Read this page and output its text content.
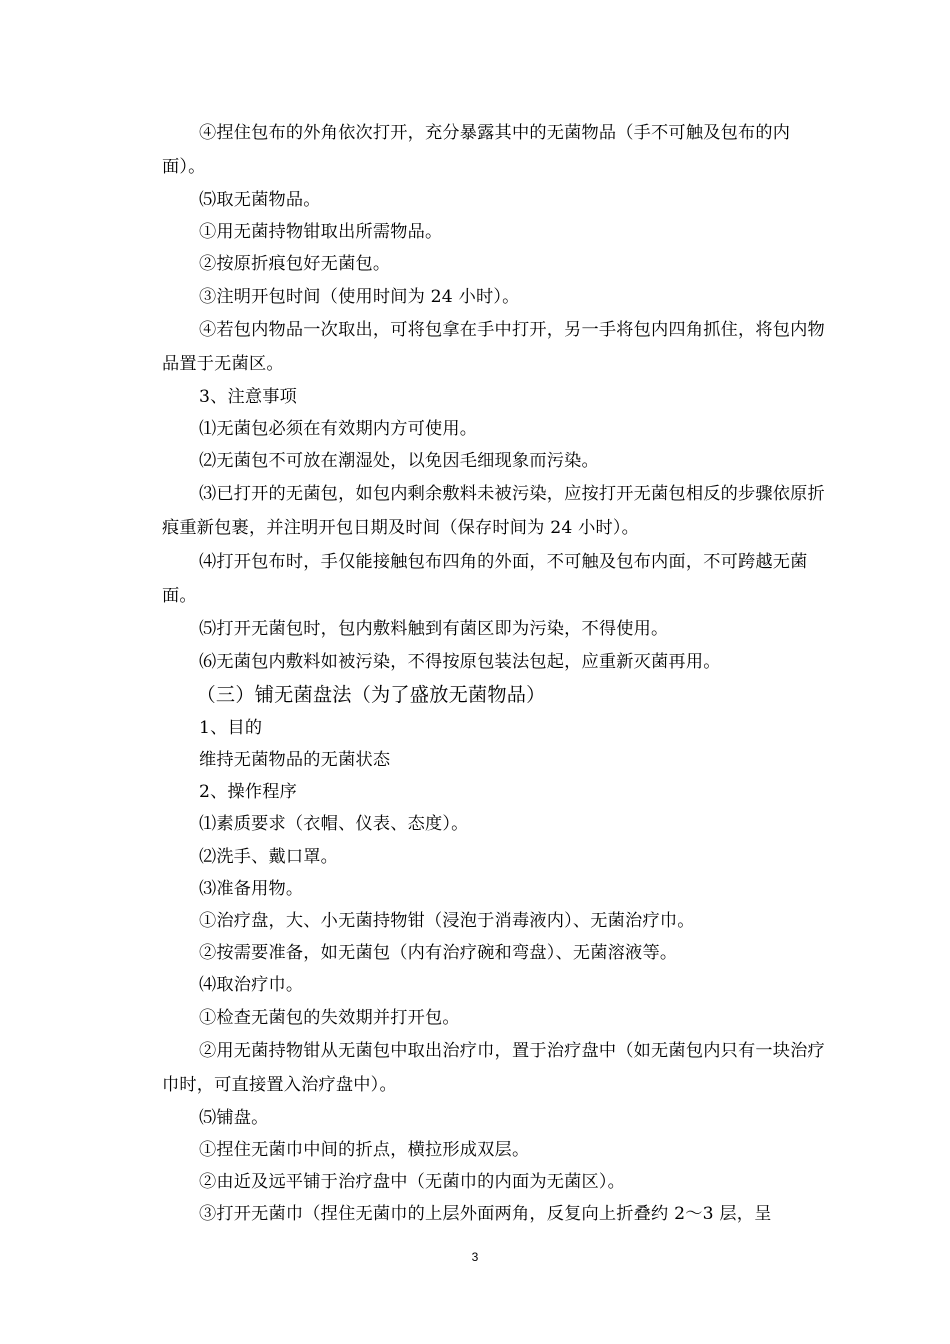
④捏住包布的外角依次打开，充分暴露其中的无菌物品（手不可触及包布的内面）。

⑸取无菌物品。

①用无菌持物钳取出所需物品。

②按原折痕包好无菌包。

③注明开包时间（使用时间为 24 小时）。

④若包内物品一次取出，可将包拿在手中打开，另一手将包内四角抓住，将包内物品置于无菌区。

3、注意事项

⑴无菌包必须在有效期内方可使用。

⑵无菌包不可放在潮湿处，以免因毛细现象而污染。

⑶已打开的无菌包，如包内剩余敷料未被污染，应按打开无菌包相反的步骤依原折痕重新包裹，并注明开包日期及时间（保存时间为 24 小时）。

⑷打开包布时，手仅能接触包布四角的外面，不可触及包布内面，不可跨越无菌面。

⑸打开无菌包时，包内敷料触到有菌区即为污染，不得使用。

⑹无菌包内敷料如被污染，不得按原包装法包起，应重新灭菌再用。

（三）铺无菌盘法（为了盛放无菌物品）

1、目的

维持无菌物品的无菌状态

2、操作程序

⑴素质要求（衣帽、仪表、态度）。

⑵洗手、戴口罩。

⑶准备用物。

①治疗盘，大、小无菌持物钳（浸泡于消毒液内）、无菌治疗巾。

②按需要准备，如无菌包（内有治疗碗和弯盘）、无菌溶液等。

⑷取治疗巾。

①检查无菌包的失效期并打开包。

②用无菌持物钳从无菌包中取出治疗巾，置于治疗盘中（如无菌包内只有一块治疗巾时，可直接置入治疗盘中）。

⑸铺盘。

①捏住无菌巾中间的折点，横拉形成双层。

②由近及远平铺于治疗盘中（无菌巾的内面为无菌区）。

③打开无菌巾（捏住无菌巾的上层外面两角，反复向上折叠约 2～3 层，呈

3
